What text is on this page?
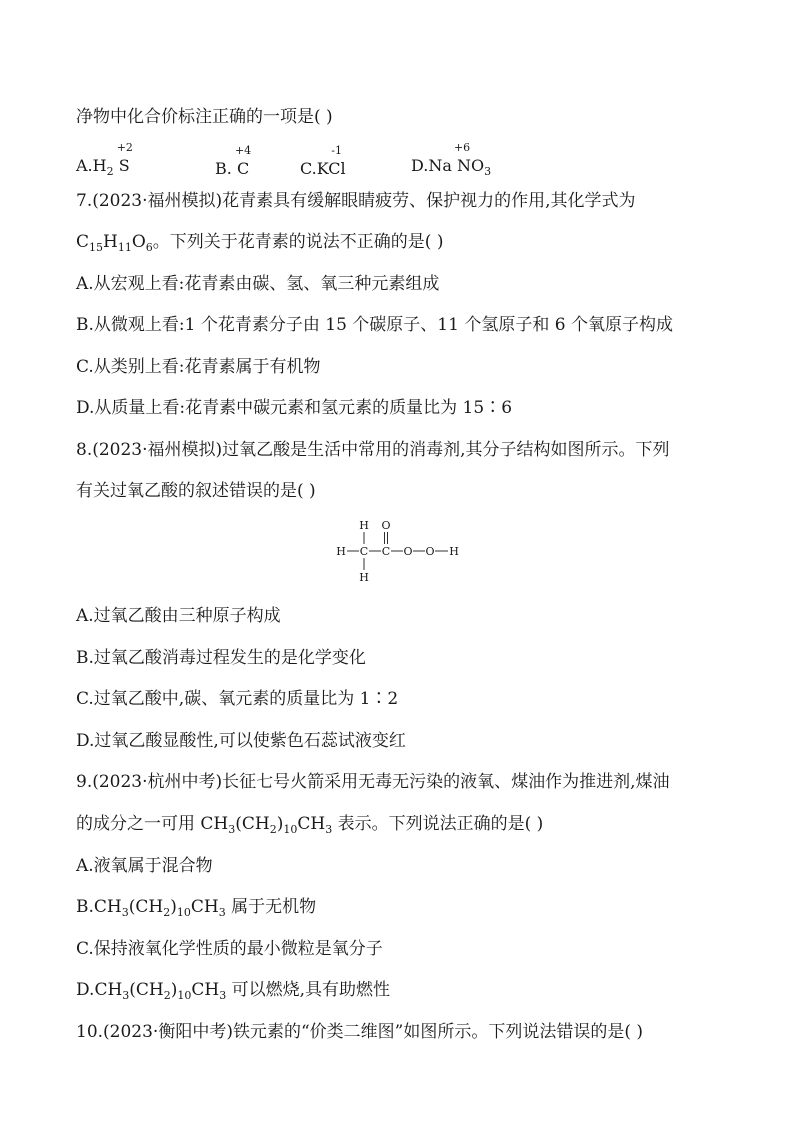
净物中化合价标注正确的一项是( )
$A.H_2$ S
+2
B. C
+4
C.KCl
-1
D.Na N
+6
$O_3$
7.(2023·福州模拟)花青素具有缓解眼睛疲劳、保护视力的作用,其化学式为
$C_{15}H_{11}O_6$。下列关于花青素的说法不正确的是( )
A.从宏观上看:花青素由碳、氢、氧三种元素组成
B.从微观上看:1 个花青素分子由 15 个碳原子、11 个氢原子和 6 个氧原子构成
C.从类别上看:花青素属于有机物
D.从质量上看:花青素中碳元素和氢元素的质量比为 15∶6
8.(2023·福州模拟)过氧乙酸是生活中常用的消毒剂,其分子结构如图所示。下列
有关过氧乙酸的叙述错误的是( )
H O
H C C O O H
H
A.过氧乙酸由三种原子构成
B.过氧乙酸消毒过程发生的是化学变化
C.过氧乙酸中,碳、氧元素的质量比为 1∶2
D.过氧乙酸显酸性,可以使紫色石蕊试液变红
9.(2023·杭州中考)长征七号火箭采用无毒无污染的液氧、煤油作为推进剂,煤油
的成分之一可用 $CH_3(CH_2)_{10}CH_3$ 表示。下列说法正确的是( )
A.液氧属于混合物
$B.CH_3(CH_2)_{10}CH_3$ 属于无机物
C.保持液氧化学性质的最小微粒是氧分子
$D.CH_3(CH_2)_{10}CH_3$ 可以燃烧,具有助燃性
10.(2023·衡阳中考)铁元素的“价类二维图”如图所示。下列说法错误的是( )
